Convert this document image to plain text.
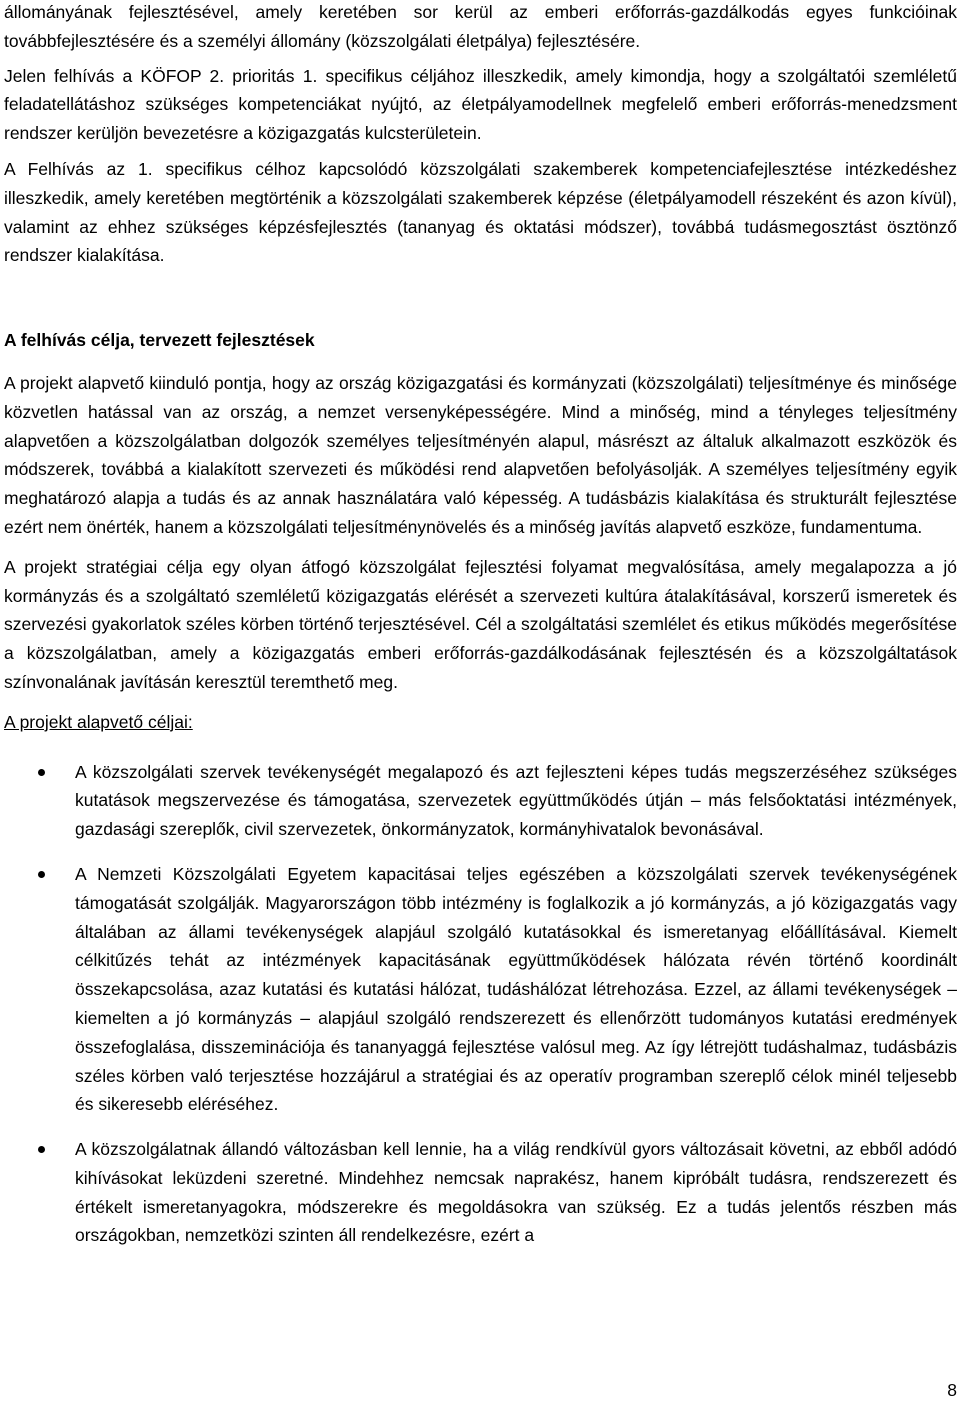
állományának fejlesztésével, amely keretében sor kerül az emberi erőforrás-gazdálkodás egyes funkcióinak továbbfejlesztésére és a személyi állomány (közszolgálati életpálya) fejlesztésére.

Jelen felhívás a KÖFOP 2. prioritás 1. specifikus céljához illeszkedik, amely kimondja, hogy a szolgáltatói szemléletű feladatellátáshoz szükséges kompetenciákat nyújtó, az életpályamodellnek megfelelő emberi erőforrás-menedzsment rendszer kerüljön bevezetésre a közigazgatás kulcsterületein.

A Felhívás az 1. specifikus célhoz kapcsolódó közszolgálati szakemberek kompetenciafejlesztése intézkedéshez illeszkedik, amely keretében megtörténik a közszolgálati szakemberek képzése (életpályamodell részeként és azon kívül), valamint az ehhez szükséges képzésfejlesztés (tananyag és oktatási módszer), továbbá tudásmegosztást ösztönző rendszer kialakítása.

A felhívás célja, tervezett fejlesztések

A projekt alapvető kiinduló pontja, hogy az ország közigazgatási és kormányzati (közszolgálati) teljesítménye és minősége közvetlen hatással van az ország, a nemzet versenyképességére. Mind a minőség, mind a tényleges teljesítmény alapvetően a közszolgálatban dolgozók személyes teljesítményén alapul, másrészt az általuk alkalmazott eszközök és módszerek, továbbá a kialakított szervezeti és működési rend alapvetően befolyásolják. A személyes teljesítmény egyik meghatározó alapja a tudás és az annak használatára való képesség. A tudásbázis kialakítása és strukturált fejlesztése ezért nem önérték, hanem a közszolgálati teljesítménynövelés és a minőség javítás alapvető eszköze, fundamentuma.

A projekt stratégiai célja egy olyan átfogó közszolgálat fejlesztési folyamat megvalósítása, amely megalapozza a jó kormányzás és a szolgáltató szemléletű közigazgatás elérését a szervezeti kultúra átalakításával, korszerű ismeretek és szervezési gyakorlatok széles körben történő terjesztésével. Cél a szolgáltatási szemlélet és etikus működés megerősítése a közszolgálatban, amely a közigazgatás emberi erőforrás-gazdálkodásának fejlesztésén és a közszolgáltatások színvonalának javításán keresztül teremthető meg.

A projekt alapvető céljai:

A közszolgálati szervek tevékenységét megalapozó és azt fejleszteni képes tudás megszerzéséhez szükséges kutatások megszervezése és támogatása, szervezetek együttműködés útján – más felsőoktatási intézmények, gazdasági szereplők, civil szervezetek, önkormányzatok, kormányhivatalok bevonásával.

A Nemzeti Közszolgálati Egyetem kapacitásai teljes egészében a közszolgálati szervek tevékenységének támogatását szolgálják. Magyarországon több intézmény is foglalkozik a jó kormányzás, a jó közigazgatás vagy általában az állami tevékenységek alapjául szolgáló kutatásokkal és ismeretanyag előállításával. Kiemelt célkitűzés tehát az intézmények kapacitásának együttműködések hálózata révén történő koordinált összekapcsolása, azaz kutatási és kutatási hálózat, tudáshálózat létrehozása. Ezzel, az állami tevékenységek – kiemelten a jó kormányzás – alapjául szolgáló rendszerezett és ellenőrzött tudományos kutatási eredmények összefoglalása, disszeminációja és tananyaggá fejlesztése valósul meg. Az így létrejött tudáshalmaz, tudásbázis széles körben való terjesztése hozzájárul a stratégiai és az operatív programban szereplő célok minél teljesebb és sikeresebb eléréséhez.

A közszolgálatnak állandó változásban kell lennie, ha a világ rendkívül gyors változásait követni, az ebből adódó kihívásokat leküzdeni szeretné. Mindehhez nemcsak naprakész, hanem kipróbált tudásra, rendszerezett és értékelt ismeretanyagokra, módszerekre és megoldásokra van szükség. Ez a tudás jelentős részben más országokban, nemzetközi szinten áll rendelkezésre, ezért a

8
